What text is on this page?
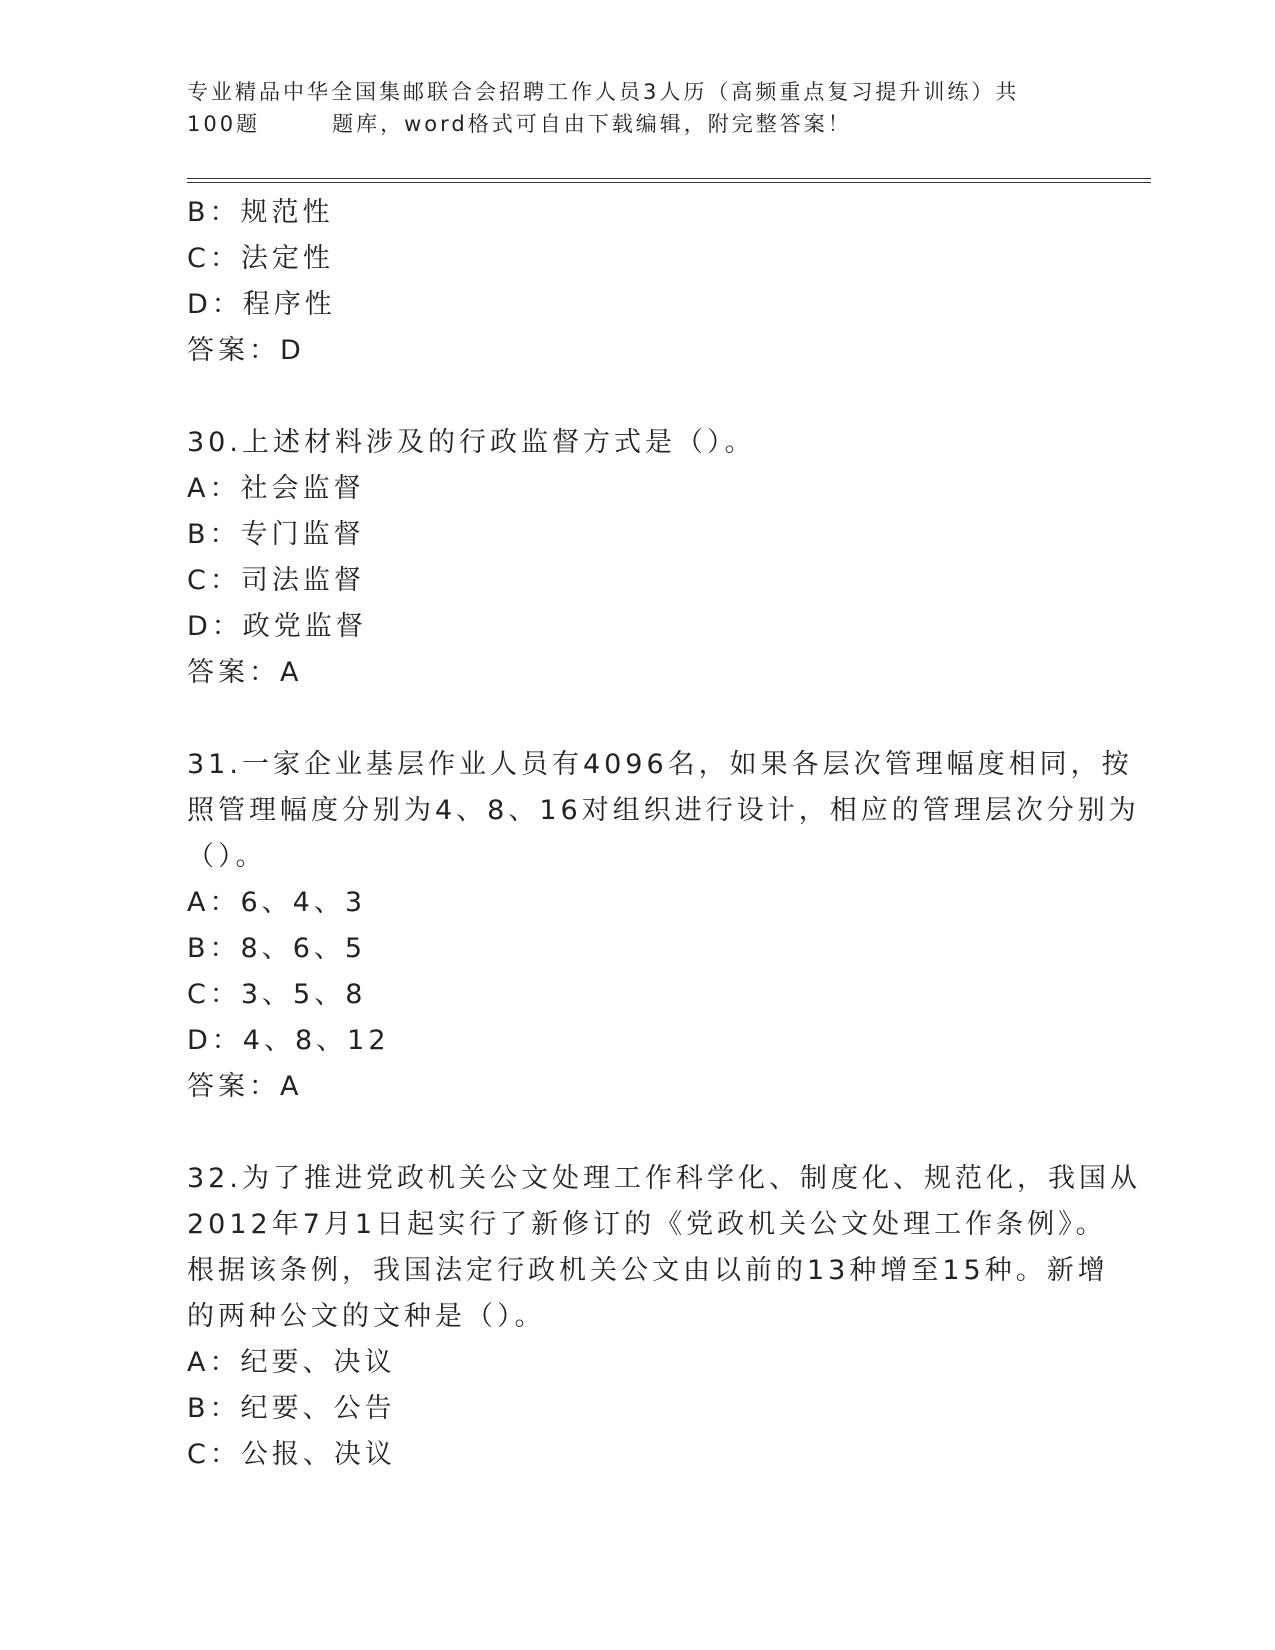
专业精品中华全国集邮联合会招聘工作人员3人历（高频重点复习提升训练）共

100题	题库，word格式可自由下载编辑，附完整答案！
B：规范性
C：法定性
D：程序性
答案：D
30.上述材料涉及的行政监督方式是（）。
A：社会监督
B：专门监督
C：司法监督
D：政党监督
答案：A
31.一家企业基层作业人员有4096名，如果各层次管理幅度相同，按
照管理幅度分别为4、8、16对组织进行设计，相应的管理层次分别为
（）。
A：6、4、3
B：8、6、5
C：3、5、8
D：4、8、12
答案：A
32.为了推进党政机关公文处理工作科学化、制度化、规范化，我国从
2012年7月1日起实行了新修订的《党政机关公文处理工作条例》。
根据该条例，我国法定行政机关公文由以前的13种增至15种。新增
的两种公文的文种是（）。
A：纪要、决议
B：纪要、公告
C：公报、决议
